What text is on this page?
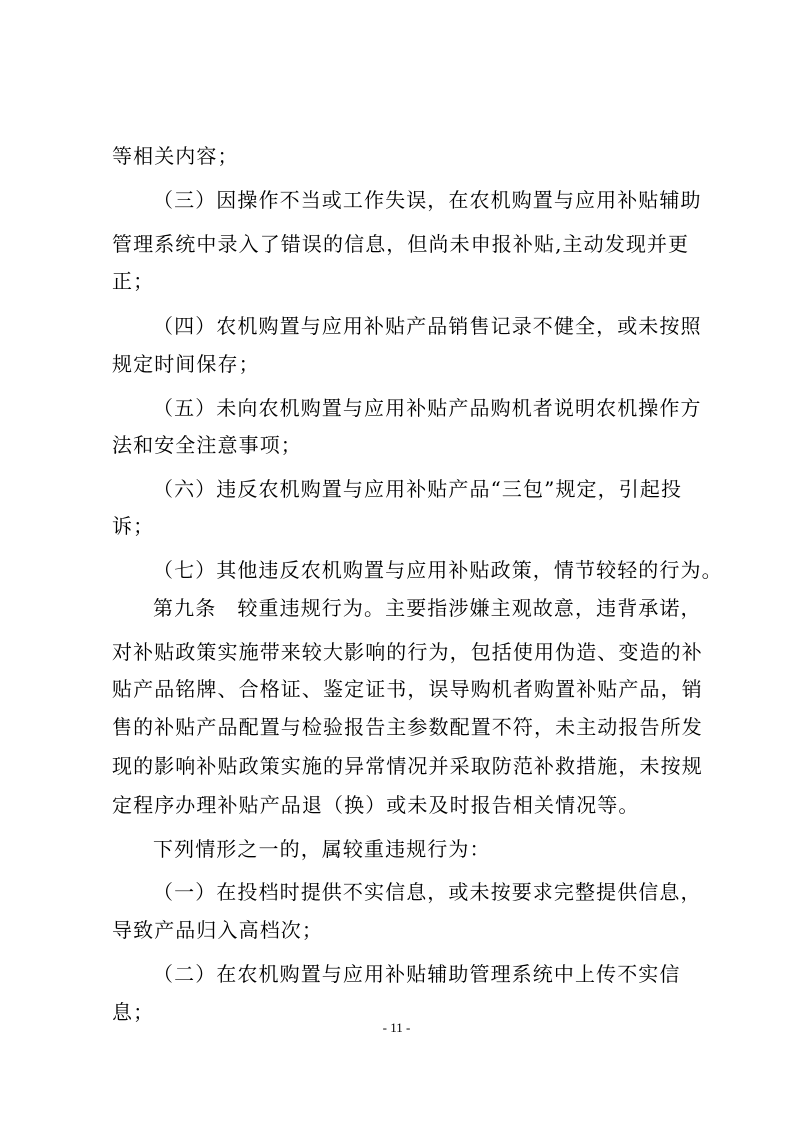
等相关内容；
（三）因操作不当或工作失误，在农机购置与应用补贴辅助
管理系统中录入了错误的信息，但尚未申报补贴,主动发现并更
正；
（四）农机购置与应用补贴产品销售记录不健全，或未按照
规定时间保存；
（五）未向农机购置与应用补贴产品购机者说明农机操作方
法和安全注意事项；
（六）违反农机购置与应用补贴产品“三包”规定，引起投
诉；
（七）其他违反农机购置与应用补贴政策，情节较轻的行为。
第九条　较重违规行为。主要指涉嫌主观故意，违背承诺，
对补贴政策实施带来较大影响的行为，包括使用伪造、变造的补
贴产品铭牌、合格证、鉴定证书，误导购机者购置补贴产品，销
售的补贴产品配置与检验报告主参数配置不符，未主动报告所发
现的影响补贴政策实施的异常情况并采取防范补救措施，未按规
定程序办理补贴产品退（换）或未及时报告相关情况等。
下列情形之一的，属较重违规行为：
（一）在投档时提供不实信息，或未按要求完整提供信息，
导致产品归入高档次；
（二）在农机购置与应用补贴辅助管理系统中上传不实信
息；
- 11 -
